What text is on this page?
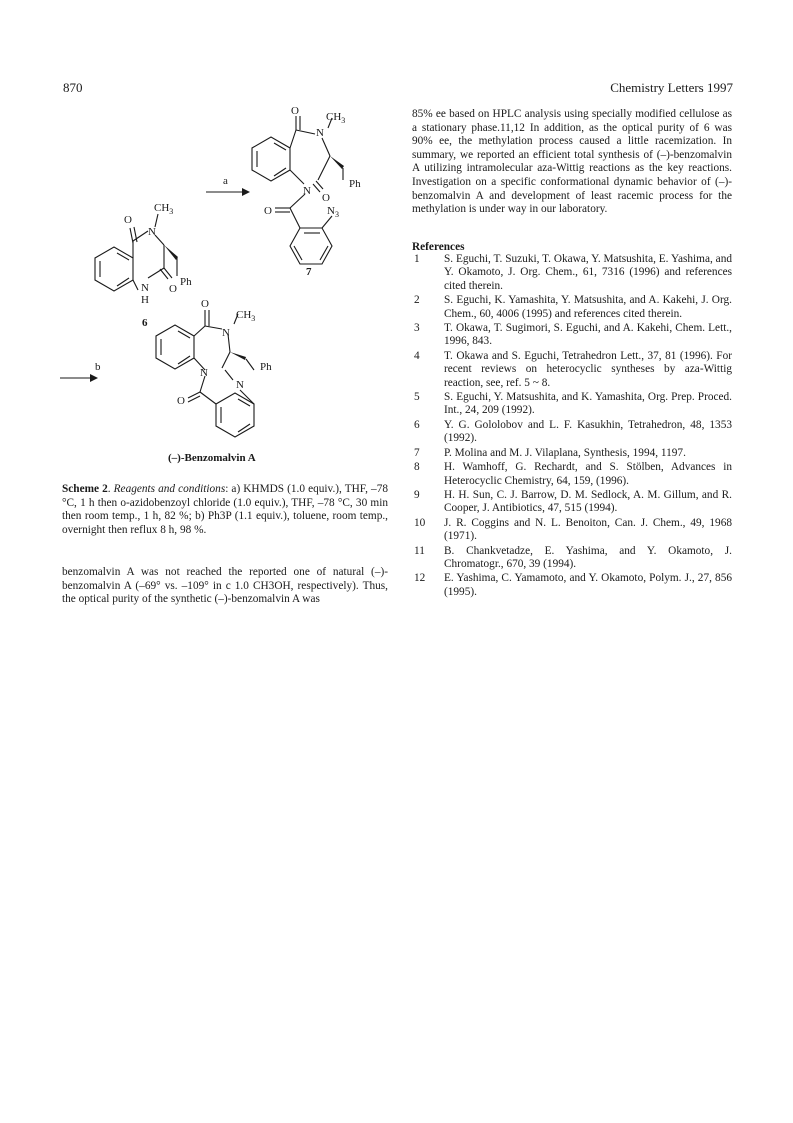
870	Chemistry Letters 1997
N
$CH_3$
O
Ph
N
H
O
6
a
N
$CH_3$
O
Ph
N
O
O	$N_3$
7
b
N
$CH_3$
O
Ph
N
N
O
(–)-Benzomalvin A

Scheme 2. Reagents and conditions: a) KHMDS (1.0 equiv.), THF, –78 °C, 1 h then o-azidobenzoyl chloride (1.0 equiv.), THF, –78 °C, 30 min then room temp., 1 h, 82 %; b) Ph3P (1.1 equiv.), toluene, room temp., overnight then reflux 8 h, 98 %.

benzomalvin A was not reached the reported one of natural (–)-benzomalvin A (–69° vs. –109° in c 1.0 CH3OH, respectively). Thus, the optical purity of the synthetic (–)-benzomalvin A was

85% ee based on HPLC analysis using specially modified cellulose as a stationary phase.11,12 In addition, as the optical purity of 6 was 90% ee, the methylation process caused a little racemization. In summary, we reported an efficient total synthesis of (–)-benzomalvin A utilizing intramolecular aza-Wittig reactions as the key reactions. Investigation on a specific conformational dynamic behavior of (–)-benzomalvin A and development of least racemic process for the methylation is under way in our laboratory.

References
1	S. Eguchi, T. Suzuki, T. Okawa, Y. Matsushita, E. Yashima, and Y. Okamoto, J. Org. Chem., 61, 7316 (1996) and references cited therein.
2	S. Eguchi, K. Yamashita, Y. Matsushita, and A. Kakehi, J. Org. Chem., 60, 4006 (1995) and references cited therein.
3	T. Okawa, T. Sugimori, S. Eguchi, and A. Kakehi, Chem. Lett., 1996, 843.
4	T. Okawa and S. Eguchi, Tetrahedron Lett., 37, 81 (1996). For recent reviews on heterocyclic syntheses by aza-Wittig reaction, see, ref. 5 ~ 8.
5	S. Eguchi, Y. Matsushita, and K. Yamashita, Org. Prep. Proced. Int., 24, 209 (1992).
6	Y. G. Gololobov and L. F. Kasukhin, Tetrahedron, 48, 1353 (1992).
7	P. Molina and M. J. Vilaplana, Synthesis, 1994, 1197.
8	H. Wamhoff, G. Rechardt, and S. Stölben, Advances in Heterocyclic Chemistry, 64, 159, (1996).
9	H. H. Sun, C. J. Barrow, D. M. Sedlock, A. M. Gillum, and R. Cooper, J. Antibiotics, 47, 515 (1994).
10	J. R. Coggins and N. L. Benoiton, Can. J. Chem., 49, 1968 (1971).
11	B. Chankvetadze, E. Yashima, and Y. Okamoto, J. Chromatogr., 670, 39 (1994).
12	E. Yashima, C. Yamamoto, and Y. Okamoto, Polym. J., 27, 856 (1995).
